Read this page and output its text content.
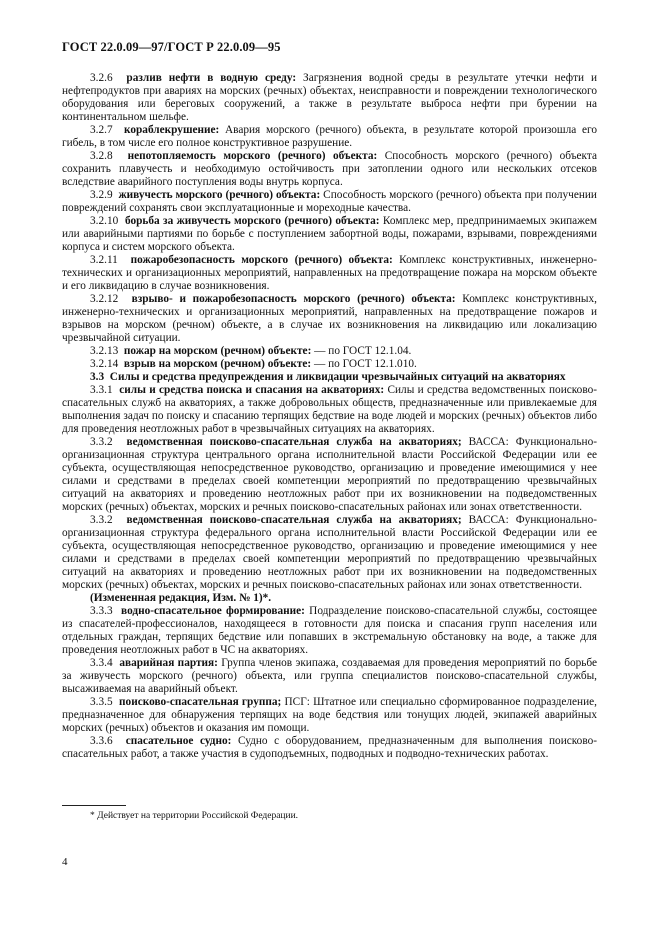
ГОСТ 22.0.09—97/ГОСТ Р 22.0.09—95

3.2.6 разлив нефти в водную среду: Загрязнения водной среды в результате утечки нефти и нефтепродуктов при авариях на морских (речных) объектах, неисправности и повреждении технологического оборудования или береговых сооружений, а также в результате выброса нефти при бурении на континентальном шельфе.

3.2.7 кораблекрушение: Авария морского (речного) объекта, в результате которой произошла его гибель, в том числе его полное конструктивное разрушение.

3.2.8 непотопляемость морского (речного) объекта: Способность морского (речного) объекта сохранить плавучесть и необходимую остойчивость при затоплении одного или нескольких отсеков вследствие аварийного поступления воды внутрь корпуса.

3.2.9 живучесть морского (речного) объекта: Способность морского (речного) объекта при получении повреждений сохранять свои эксплуатационные и мореходные качества.

3.2.10 борьба за живучесть морского (речного) объекта: Комплекс мер, предпринимаемых экипажем или аварийными партиями по борьбе с поступлением забортной воды, пожарами, взрывами, повреждениями корпуса и систем морского объекта.

3.2.11 пожаробезопасность морского (речного) объекта: Комплекс конструктивных, инженерно-технических и организационных мероприятий, направленных на предотвращение пожара на морском объекте и его ликвидацию в случае возникновения.

3.2.12 взрыво- и пожаробезопасность морского (речного) объекта: Комплекс конструктивных, инженерно-технических и организационных мероприятий, направленных на предотвращение пожаров и взрывов на морском (речном) объекте, а в случае их возникновения на ликвидацию или локализацию чрезвычайной ситуации.

3.2.13 пожар на морском (речном) объекте: — по ГОСТ 12.1.04.

3.2.14 взрыв на морском (речном) объекте: — по ГОСТ 12.1.010.

3.3 Силы и средства предупреждения и ликвидации чрезвычайных ситуаций на акваториях

3.3.1 силы и средства поиска и спасания на акваториях: Силы и средства ведомственных поисково-спасательных служб на акваториях, а также добровольных обществ, предназначенные или привлекаемые для выполнения задач по поиску и спасанию терпящих бедствие на воде людей и морских (речных) объектов либо для проведения неотложных работ в чрезвычайных ситуациях на акваториях.

3.3.2 ведомственная поисково-спасательная служба на акваториях; ВАССА: Функционально-организационная структура центрального органа исполнительной власти Российской Федерации или ее субъекта, осуществляющая непосредственное руководство, организацию и проведение имеющимися у нее силами и средствами в пределах своей компетенции мероприятий по предотвращению чрезвычайных ситуаций на акваториях и проведению неотложных работ при их возникновении на подведомственных морских (речных) объектах, морских и речных поисково-спасательных районах или зонах ответственности.

3.3.2 ведомственная поисково-спасательная служба на акваториях; ВАССА: Функционально-организационная структура федерального органа исполнительной власти Российской Федерации или ее субъекта, осуществляющая непосредственное руководство, организацию и проведение имеющимися у нее силами и средствами в пределах своей компетенции мероприятий по предотвращению чрезвычайных ситуаций на акваториях и проведению неотложных работ при их возникновении на подведомственных морских (речных) объектах, морских и речных поисково-спасательных районах или зонах ответственности.

(Измененная редакция, Изм. № 1)*.

3.3.3 водно-спасательное формирование: Подразделение поисково-спасательной службы, состоящее из спасателей-профессионалов, находящееся в готовности для поиска и спасания групп населения или отдельных граждан, терпящих бедствие или попавших в экстремальную обстановку на воде, а также для проведения неотложных работ в ЧС на акваториях.

3.3.4 аварийная партия: Группа членов экипажа, создаваемая для проведения мероприятий по борьбе за живучесть морского (речного) объекта, или группа специалистов поисково-спасательной службы, высаживаемая на аварийный объект.

3.3.5 поисково-спасательная группа; ПСГ: Штатное или специально сформированное подразделение, предназначенное для обнаружения терпящих на воде бедствия или тонущих людей, экипажей аварийных морских (речных) объектов и оказания им помощи.

3.3.6 спасательное судно: Судно с оборудованием, предназначенным для выполнения поисково-спасательных работ, а также участия в судоподъемных, подводных и подводно-технических работах.

* Действует на территории Российской Федерации.
4
